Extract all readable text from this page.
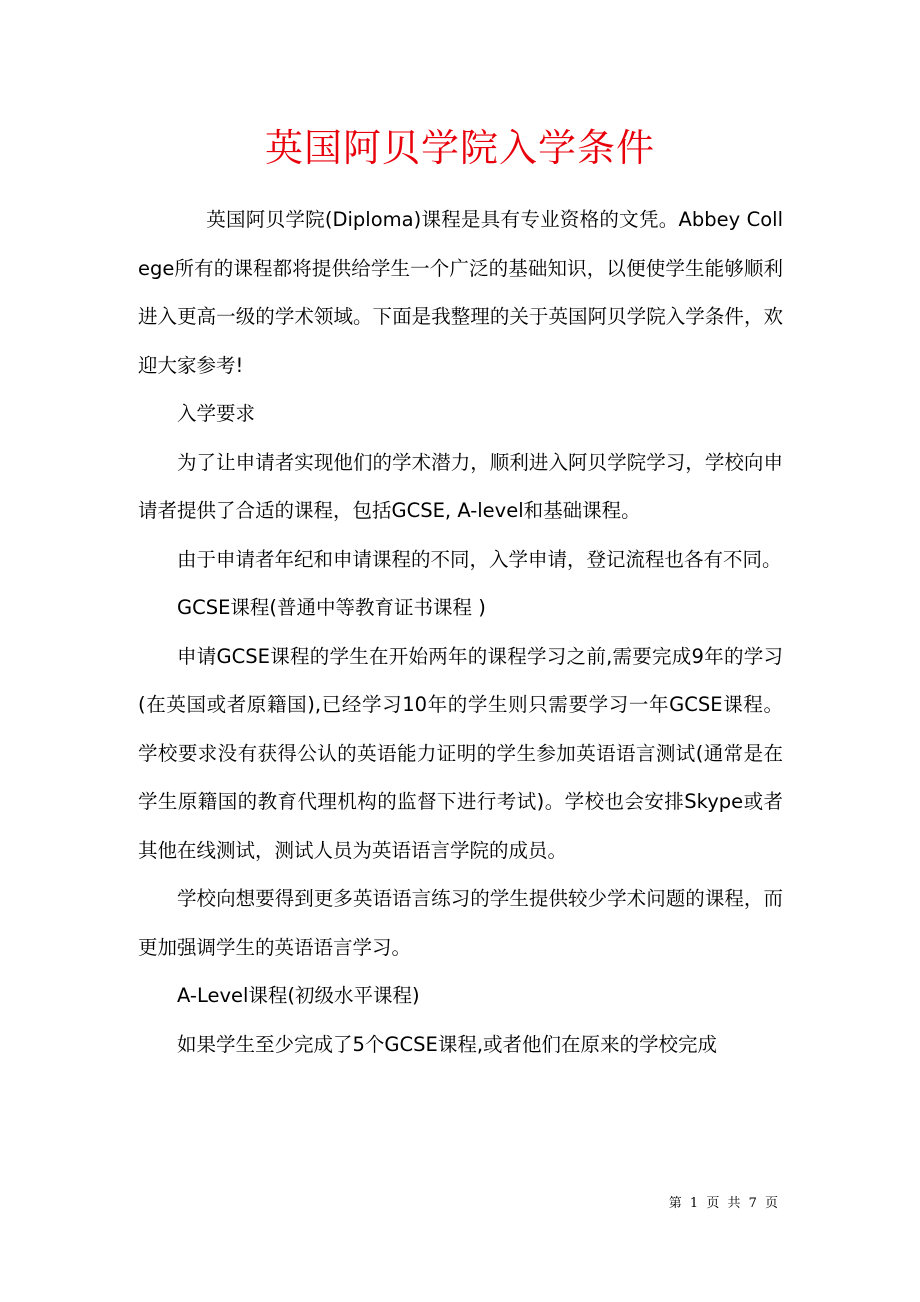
英国阿贝学院入学条件

英国阿贝学院(Diploma)课程是具有专业资格的文凭。Abbey College所有的课程都将提供给学生一个广泛的基础知识，以便使学生能够顺利进入更高一级的学术领域。下面是我整理的关于英国阿贝学院入学条件，欢迎大家参考!

入学要求

为了让申请者实现他们的学术潜力，顺利进入阿贝学院学习，学校向申请者提供了合适的课程，包括GCSE, A-level和基础课程。

由于申请者年纪和申请课程的不同，入学申请，登记流程也各有不同。

GCSE课程(普通中等教育证书课程 )

申请GCSE课程的学生在开始两年的课程学习之前,需要完成9年的学习(在英国或者原籍国),已经学习10年的学生则只需要学习一年GCSE课程。学校要求没有获得公认的英语能力证明的学生参加英语语言测试(通常是在学生原籍国的教育代理机构的监督下进行考试)。学校也会安排Skype或者其他在线测试，测试人员为英语语言学院的成员。

学校向想要得到更多英语语言练习的学生提供较少学术问题的课程，而更加强调学生的英语语言学习。

A-Level课程(初级水平课程)

如果学生至少完成了5个GCSE课程,或者他们在原来的学校完成

第 1 页 共 7 页
